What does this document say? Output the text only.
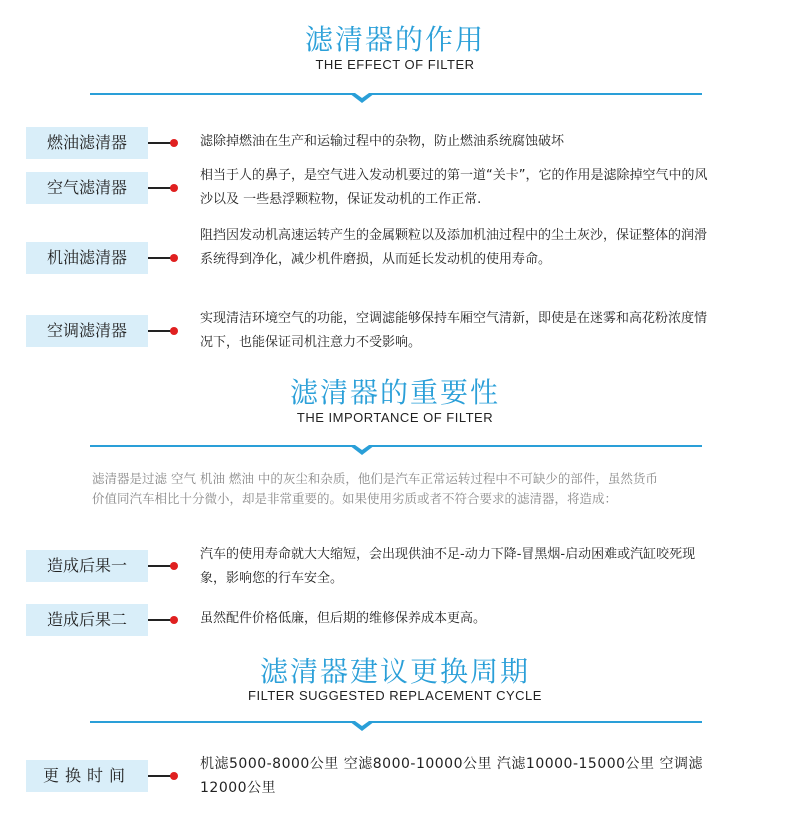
滤清器的作用
THE EFFECT OF FILTER
燃油滤清器	滤除掉燃油在生产和运输过程中的杂物，防止燃油系统腐蚀破坏
空气滤清器
相当于人的鼻子，是空气进入发动机要过的第一道“关卡”，它的作用是滤除掉空气中的风沙以及 一些悬浮颗粒物，保证发动机的工作正常.
机油滤清器
阻挡因发动机高速运转产生的金属颗粒以及添加机油过程中的尘土灰沙，保证整体的润滑系统得到净化，减少机件磨损，从而延长发动机的使用寿命。
空调滤清器
实现清洁环境空气的功能，空调滤能够保持车厢空气清新，即使是在迷雾和高花粉浓度情况下，也能保证司机注意力不受影响。
滤清器的重要性
THE IMPORTANCE OF FILTER
滤清器是过滤 空气 机油 燃油 中的灰尘和杂质，他们是汽车正常运转过程中不可缺少的部件，虽然货币价值同汽车相比十分微小，却是非常重要的。如果使用劣质或者不符合要求的滤清器，将造成：
造成后果一
汽车的使用寿命就大大缩短，会出现供油不足-动力下降-冒黑烟-启动困难或汽缸咬死现象，影响您的行车安全。
造成后果二	虽然配件价格低廉，但后期的维修保养成本更高。
滤清器建议更换周期
FILTER SUGGESTED REPLACEMENT CYCLE
更换时间
机滤5000-8000公里 空滤8000-10000公里 汽滤10000-15000公里 空调滤12000公里
